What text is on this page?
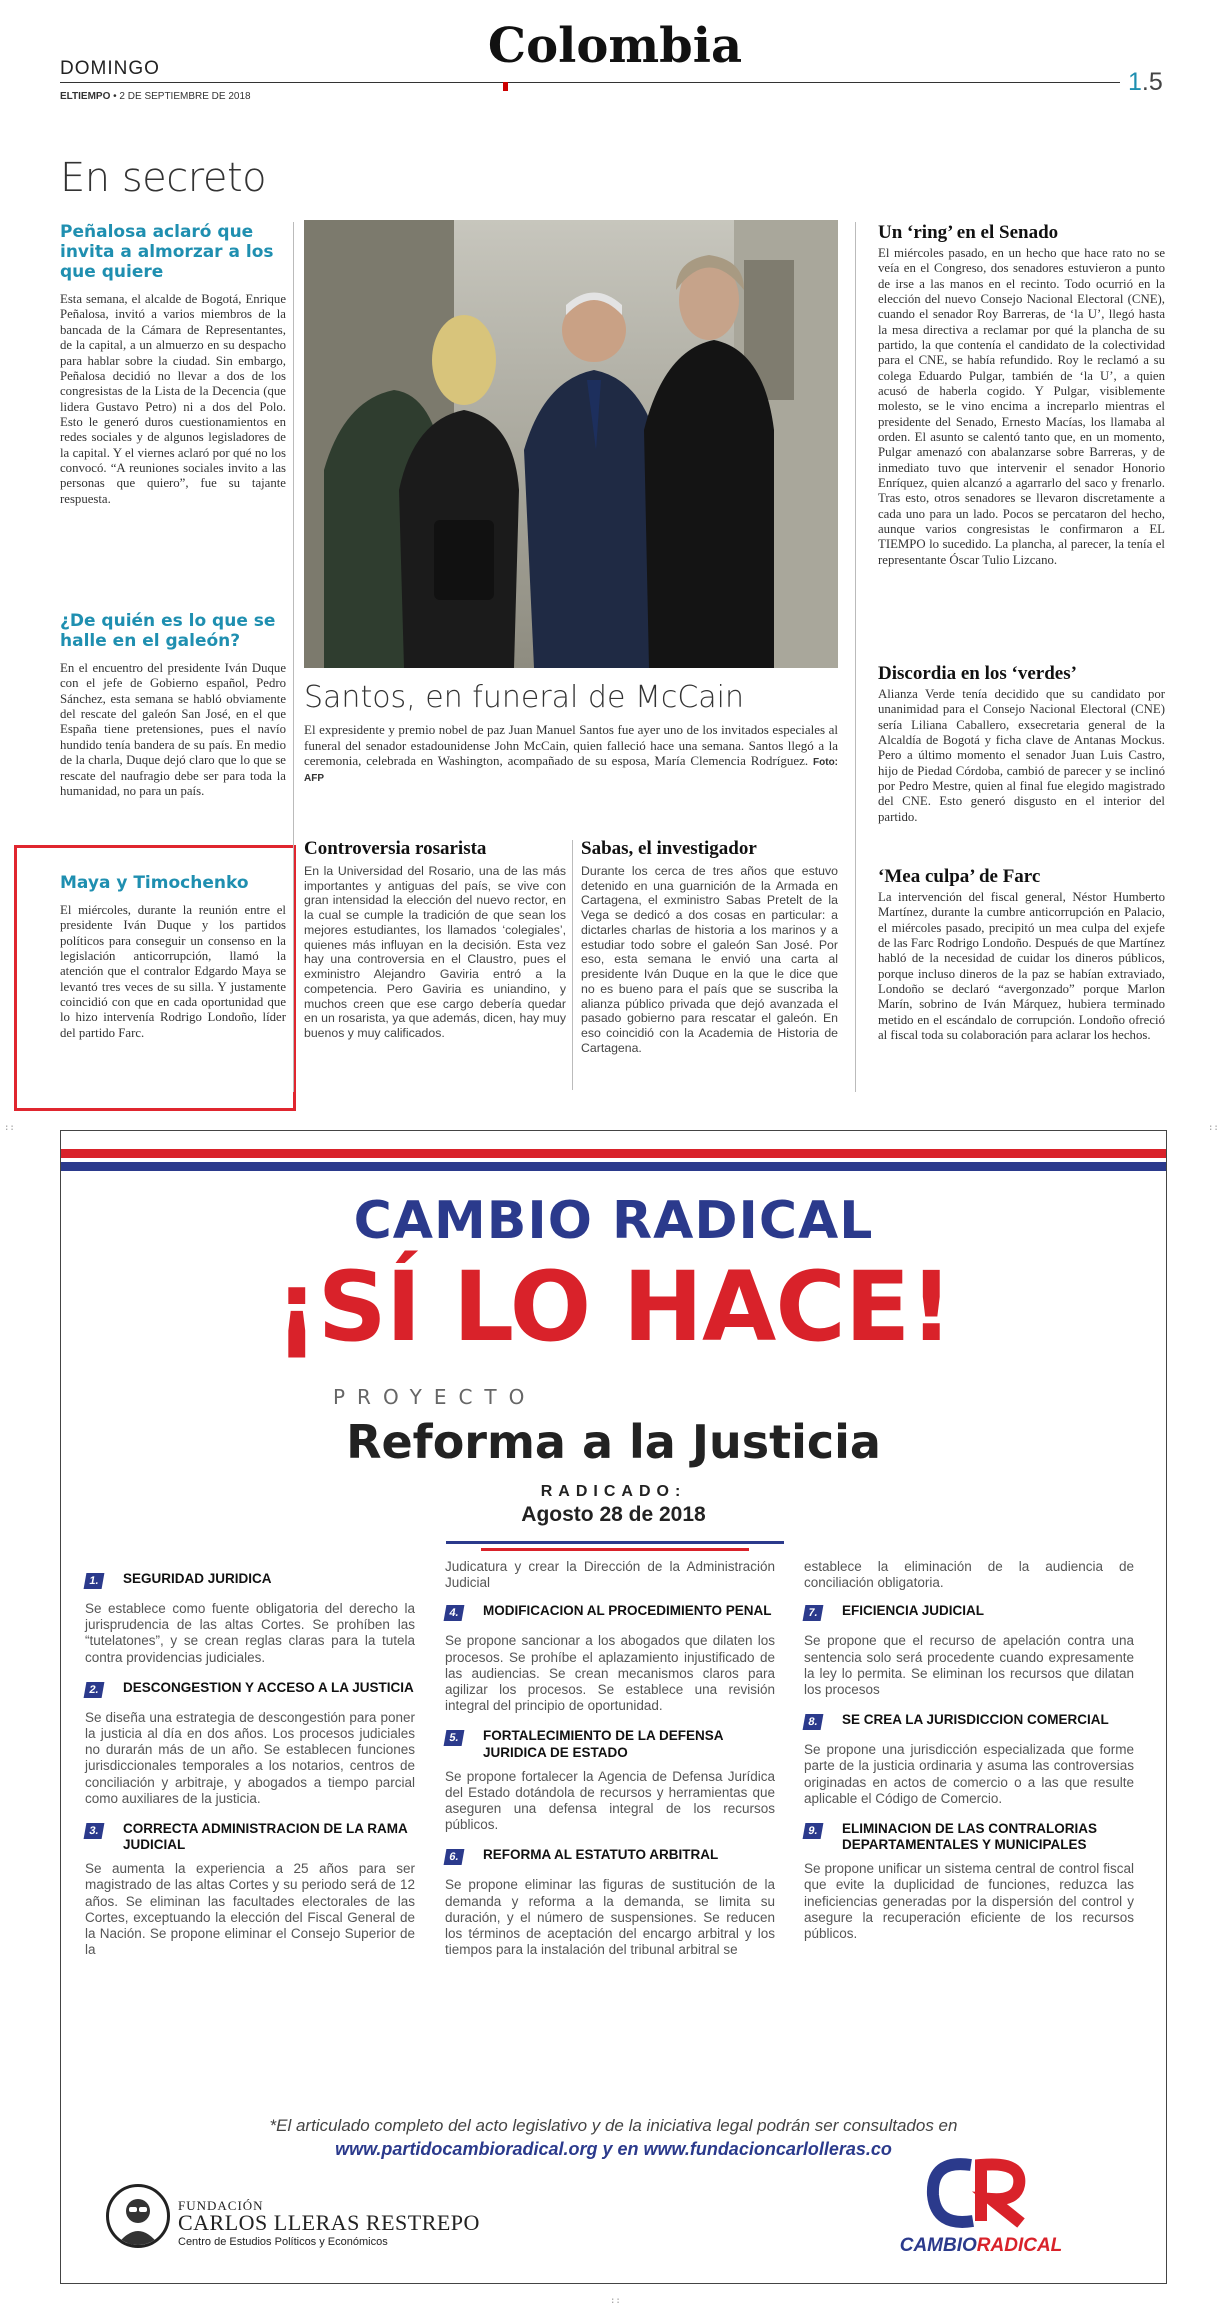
DOMINGO	Colombia
ELTIEMPO • 2 DE SEPTIEMBRE DE 2018
1.5
En secreto
Peñalosa aclaró que invita a almorzar a los que quiere

Esta semana, el alcalde de Bogotá, Enrique Peñalosa, invitó a varios miembros de la bancada de la Cámara de Representantes, de la capital, a un almuerzo en su despacho para hablar sobre la ciudad. Sin embargo, Peñalosa decidió no llevar a dos de los congresistas de la Lista de la Decencia (que lidera Gustavo Petro) ni a dos del Polo. Esto le generó duros cuestionamientos en redes sociales y de algunos legisladores de la capital. Y el viernes aclaró por qué no los convocó. “A reuniones sociales invito a las personas que quiero”, fue su tajante respuesta.

¿De quién es lo que se halle en el galeón?

En el encuentro del presidente Iván Duque con el jefe de Gobierno español, Pedro Sánchez, esta semana se habló obviamente del rescate del galeón San José, en el que España tiene pretensiones, pues el navío hundido tenía bandera de su país. En medio de la charla, Duque dejó claro que lo que se rescate del naufragio debe ser para toda la humanidad, no para un país.

Maya y Timochenko

El miércoles, durante la reunión entre el presidente Iván Duque y los partidos políticos para conseguir un consenso en la legislación anticorrupción, llamó la atención que el contralor Edgardo Maya se levantó tres veces de su silla. Y justamente coincidió con que en cada oportunidad que lo hizo intervenía Rodrigo Londoño, líder del partido Farc.

Santos, en funeral de McCain
El expresidente y premio nobel de paz Juan Manuel Santos fue ayer uno de los invitados especiales al funeral del senador estadounidense John McCain, quien falleció hace una semana. Santos llegó a la ceremonia, celebrada en Washington, acompañado de su esposa, María Clemencia Rodríguez. Foto: AFP
Controversia rosarista

En la Universidad del Rosario, una de las más importantes y antiguas del país, se vive con gran intensidad la elección del nuevo rector, en la cual se cumple la tradición de que sean los mejores estudiantes, los llamados ‘colegiales’, quienes más influyan en la decisión. Esta vez hay una controversia en el Claustro, pues el exministro Alejandro Gaviria entró a la competencia. Pero Gaviria es uniandino, y muchos creen que ese cargo debería quedar en un rosarista, ya que además, dicen, hay muy buenos y muy calificados.

Sabas, el investigador

Durante los cerca de tres años que estuvo detenido en una guarnición de la Armada en Cartagena, el exministro Sabas Pretelt de la Vega se dedicó a dos cosas en particular: a dictarles charlas de historia a los marinos y a estudiar todo sobre el galeón San José. Por eso, esta semana le envió una carta al presidente Iván Duque en la que le dice que no es bueno para el país que se suscriba la alianza público privada que dejó avanzada el pasado gobierno para rescatar el galeón. En eso coincidió con la Academia de Historia de Cartagena.

Un ‘ring’ en el Senado

El miércoles pasado, en un hecho que hace rato no se veía en el Congreso, dos senadores estuvieron a punto de irse a las manos en el recinto. Todo ocurrió en la elección del nuevo Consejo Nacional Electoral (CNE), cuando el senador Roy Barreras, de ‘la U’, llegó hasta la mesa directiva a reclamar por qué la plancha de su partido, la que contenía el candidato de la colectividad para el CNE, se había refundido. Roy le reclamó a su colega Eduardo Pulgar, también de ‘la U’, a quien acusó de haberla cogido. Y Pulgar, visiblemente molesto, se le vino encima a increparlo mientras el presidente del Senado, Ernesto Macías, los llamaba al orden. El asunto se calentó tanto que, en un momento, Pulgar amenazó con abalanzarse sobre Barreras, y de inmediato tuvo que intervenir el senador Honorio Enríquez, quien alcanzó a agarrarlo del saco y frenarlo. Tras esto, otros senadores se llevaron discretamente a cada uno para un lado. Pocos se percataron del hecho, aunque varios congresistas le confirmaron a EL TIEMPO lo sucedido. La plancha, al parecer, la tenía el representante Óscar Tulio Lizcano.

Discordia en los ‘verdes’

Alianza Verde tenía decidido que su candidato por unanimidad para el Consejo Nacional Electoral (CNE) sería Liliana Caballero, exsecretaria general de la Alcaldía de Bogotá y ficha clave de Antanas Mockus. Pero a último momento el senador Juan Luis Castro, hijo de Piedad Córdoba, cambió de parecer y se inclinó por Pedro Mestre, quien al final fue elegido magistrado del CNE. Esto generó disgusto en el interior del partido.

‘Mea culpa’ de Farc

La intervención del fiscal general, Néstor Humberto Martínez, durante la cumbre anticorrupción en Palacio, el miércoles pasado, precipitó un mea culpa del exjefe de las Farc Rodrigo Londoño. Después de que Martínez habló de la necesidad de cuidar los dineros públicos, porque incluso dineros de la paz se habían extraviado, Londoño se declaró “avergonzado” porque Marlon Marín, sobrino de Iván Márquez, hubiera terminado metido en el escándalo de corrupción. Londoño ofreció al fiscal toda su colaboración para aclarar los hechos.

::	::
CAMBIO RADICAL
¡SÍ LO HACE!
PROYECTO
Reforma a la Justicia
RADICADO:
Agosto 28 de 2018
1.	SEGURIDAD JURIDICA
Se establece como fuente obligatoria del derecho la jurisprudencia de las altas Cortes. Se prohíben las “tutelatones”, y se crean reglas claras para la tutela contra providencias judiciales.
2.	DESCONGESTION Y ACCESO A LA JUSTICIA
Se diseña una estrategia de descongestión para poner la justicia al día en dos años. Los procesos judiciales no durarán más de un año. Se establecen funciones jurisdiccionales temporales a los notarios, centros de conciliación y arbitraje, y abogados a tiempo parcial como auxiliares de la justicia.
3.	CORRECTA ADMINISTRACION DE LA RAMA JUDICIAL
Se aumenta la experiencia a 25 años para ser magistrado de las altas Cortes y su periodo será de 12 años. Se eliminan las facultades electorales de las Cortes, exceptuando la elección del Fiscal General de la Nación. Se propone eliminar el Consejo Superior de la
Judicatura y crear la Dirección de la Administración Judicial
4.	MODIFICACION AL PROCEDIMIENTO PENAL
Se propone sancionar a los abogados que dilaten los procesos. Se prohíbe el aplazamiento injustificado de las audiencias. Se crean mecanismos claros para agilizar los procesos. Se establece una revisión integral del principio de oportunidad.
5.	FORTALECIMIENTO DE LA DEFENSA JURIDICA DE ESTADO
Se propone fortalecer la Agencia de Defensa Jurídica del Estado dotándola de recursos y herramientas que aseguren una defensa integral de los recursos públicos.
6.	REFORMA AL ESTATUTO ARBITRAL
Se propone eliminar las figuras de sustitución de la demanda y reforma a la demanda, se limita su duración, y el número de suspensiones. Se reducen los términos de aceptación del encargo arbitral y los tiempos para la instalación del tribunal arbitral se
establece la eliminación de la audiencia de conciliación obligatoria.
7.	EFICIENCIA JUDICIAL
Se propone que el recurso de apelación contra una sentencia solo será procedente cuando expresamente la ley lo permita. Se eliminan los recursos que dilatan los procesos
8.	SE CREA LA JURISDICCION COMERCIAL
Se propone una jurisdicción especializada que forme parte de la justicia ordinaria y asuma las controversias originadas en actos de comercio o a las que resulte aplicable el Código de Comercio.
9.	ELIMINACION DE LAS CONTRALORIAS DEPARTAMENTALES Y MUNICIPALES
Se propone unificar un sistema central de control fiscal que evite la duplicidad de funciones, reduzca las ineficiencias generadas por la dispersión del control y asegure la recuperación eficiente de los recursos públicos.
*El articulado completo del acto legislativo y de la iniciativa legal podrán ser consultados en
www.partidocambioradical.org y en www.fundacioncarlolleras.co
FUNDACIÓN
CARLOS LLERAS RESTREPO
Centro de Estudios Políticos y Económicos	CAMBIORADICAL
::
